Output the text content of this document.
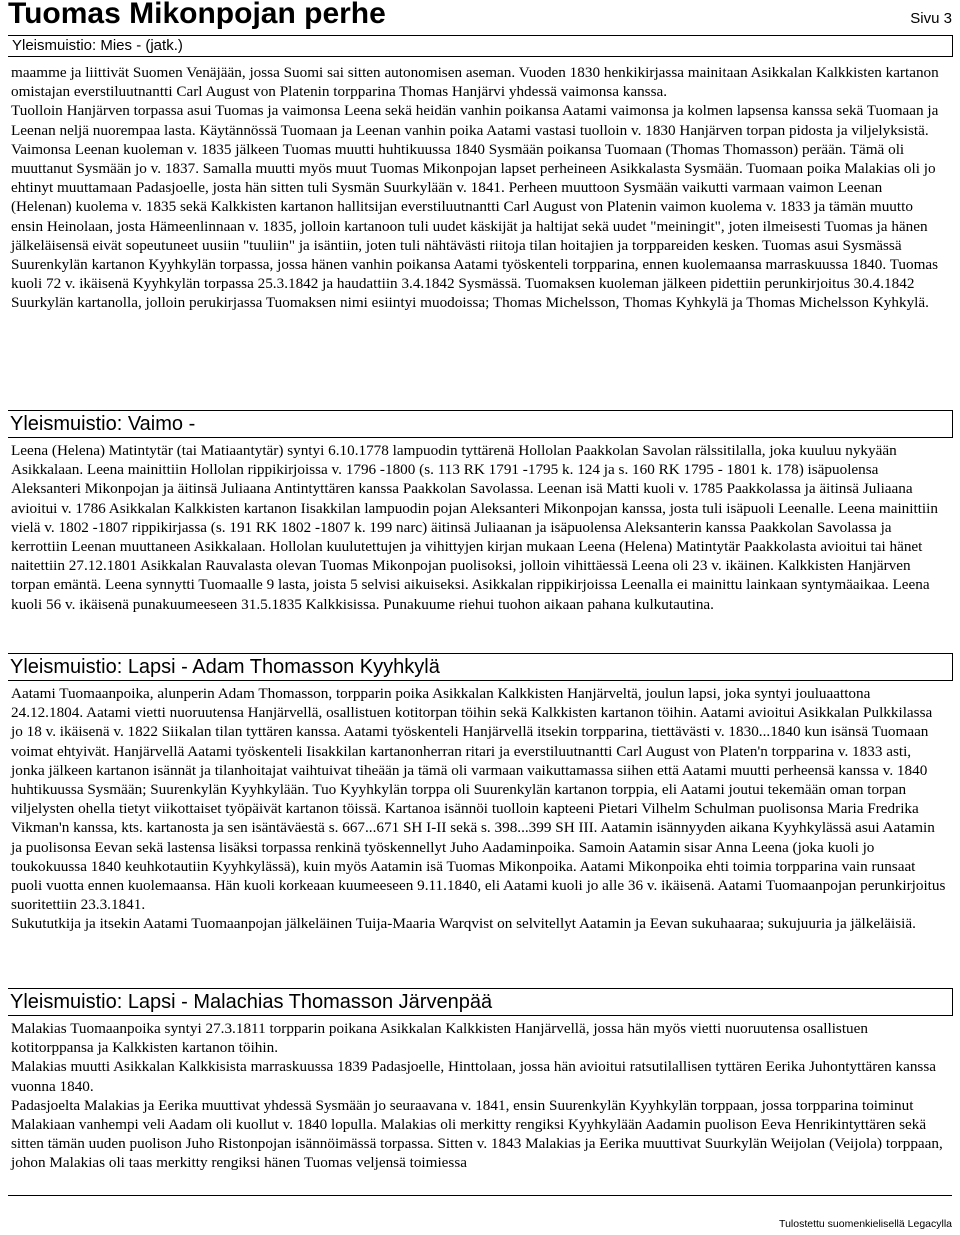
Tuomas Mikonpojan perhe	Sivu 3
Yleismuistio: Mies - (jatk.)

maamme ja liittivät Suomen Venäjään, jossa Suomi sai sitten autonomisen aseman. Vuoden 1830 henkikirjassa mainitaan Asikkalan Kalkkisten kartanon omistajan everstiluutnantti Carl August von Platenin torpparina Thomas Hanjärvi yhdessä vaimonsa kanssa.

Tuolloin Hanjärven torpassa asui Tuomas ja vaimonsa Leena sekä heidän vanhin poikansa Aatami vaimonsa ja kolmen lapsensa kanssa sekä Tuomaan ja Leenan neljä nuorempaa lasta. Käytännössä Tuomaan ja Leenan vanhin poika Aatami vastasi tuolloin v. 1830 Hanjärven torpan pidosta ja viljelyksistä.

Vaimonsa Leenan kuoleman v. 1835 jälkeen Tuomas muutti huhtikuussa 1840 Sysmään poikansa Tuomaan (Thomas Thomasson) perään. Tämä oli muuttanut Sysmään jo v. 1837. Samalla muutti myös muut Tuomas Mikonpojan lapset perheineen Asikkalasta Sysmään. Tuomaan poika Malakias oli jo ehtinyt muuttamaan Padasjoelle, josta hän sitten tuli Sysmän Suurkylään v. 1841. Perheen muuttoon Sysmään vaikutti varmaan vaimon Leenan (Helenan) kuolema v. 1835 sekä Kalkkisten kartanon hallitsijan everstiluutnantti Carl August von Platenin vaimon kuolema v. 1833 ja tämän muutto ensin Heinolaan, josta Hämeenlinnaan v. 1835, jolloin kartanoon tuli uudet käskijät ja haltijat sekä uudet "meiningit", joten ilmeisesti Tuomas ja hänen jälkeläisensä eivät sopeutuneet uusiin "tuuliin" ja isäntiin, joten tuli nähtävästi riitoja tilan hoitajien ja torppareiden kesken. Tuomas asui Sysmässä Suurenkylän kartanon Kyyhkylän torpassa, jossa hänen vanhin poikansa Aatami työskenteli torpparina, ennen kuolemaansa marraskuussa 1840. Tuomas kuoli 72 v. ikäisenä Kyyhkylän torpassa 25.3.1842 ja haudattiin 3.4.1842 Sysmässä. Tuomaksen kuoleman jälkeen pidettiin perunkirjoitus 30.4.1842 Suurkylän kartanolla, jolloin perukirjassa Tuomaksen nimi esiintyi muodoissa; Thomas Michelsson, Thomas Kyhkylä ja Thomas Michelsson Kyhkylä.

Yleismuistio: Vaimo -

Leena (Helena) Matintytär (tai Matiaantytär) syntyi 6.10.1778 lampuodin tyttärenä Hollolan Paakkolan Savolan rälssitilalla, joka kuuluu nykyään Asikkalaan. Leena mainittiin Hollolan rippikirjoissa v. 1796 -1800 (s. 113 RK 1791 -1795 k. 124 ja s. 160 RK 1795 - 1801 k. 178) isäpuolensa Aleksanteri Mikonpojan ja äitinsä Juliaana Antintyttären kanssa Paakkolan Savolassa. Leenan isä Matti kuoli v. 1785 Paakkolassa ja äitinsä Juliaana avioitui v. 1786 Asikkalan Kalkkisten kartanon Iisakkilan lampuodin pojan Aleksanteri Mikonpojan kanssa, josta tuli isäpuoli Leenalle. Leena mainittiin vielä v. 1802 -1807 rippikirjassa (s. 191 RK 1802 -1807 k. 199 narc) äitinsä Juliaanan ja isäpuolensa Aleksanterin kanssa Paakkolan Savolassa ja kerrottiin Leenan muuttaneen Asikkalaan. Hollolan kuulutettujen ja vihittyjen kirjan mukaan Leena (Helena) Matintytär Paakkolasta avioitui tai hänet naitettiin 27.12.1801 Asikkalan Rauvalasta olevan Tuomas Mikonpojan puolisoksi, jolloin vihittäessä Leena oli 23 v. ikäinen. Kalkkisten Hanjärven torpan emäntä. Leena synnytti Tuomaalle 9 lasta, joista 5 selvisi aikuiseksi. Asikkalan rippikirjoissa Leenalla ei mainittu lainkaan syntymäaikaa. Leena kuoli 56 v. ikäisenä punakuumeeseen 31.5.1835 Kalkkisissa. Punakuume riehui tuohon aikaan pahana kulkutautina.

Yleismuistio: Lapsi - Adam Thomasson Kyyhkylä

Aatami Tuomaanpoika, alunperin Adam Thomasson, torpparin poika Asikkalan Kalkkisten Hanjärveltä, joulun lapsi, joka syntyi jouluaattona 24.12.1804. Aatami vietti nuoruutensa Hanjärvellä, osallistuen kotitorpan töihin sekä Kalkkisten kartanon töihin. Aatami avioitui Asikkalan Pulkkilassa jo 18 v. ikäisenä v. 1822 Siikalan tilan tyttären kanssa. Aatami työskenteli Hanjärvellä itsekin torpparina, tiettävästi v. 1830...1840 kun isänsä Tuomaan voimat ehtyivät. Hanjärvellä Aatami työskenteli Iisakkilan kartanonherran ritari ja everstiluutnantti Carl August von Platen'n torpparina v. 1833 asti, jonka jälkeen kartanon isännät ja tilanhoitajat vaihtuivat tiheään ja tämä oli varmaan vaikuttamassa siihen että Aatami muutti perheensä kanssa v. 1840 huhtikuussa Sysmään; Suurenkylän Kyyhkylään. Tuo Kyyhkylän torppa oli Suurenkylän kartanon torppia, eli Aatami joutui tekemään oman torpan viljelysten ohella tietyt viikottaiset työpäivät kartanon töissä. Kartanoa isännöi tuolloin kapteeni Pietari Vilhelm Schulman puolisonsa Maria Fredrika Vikman'n kanssa, kts. kartanosta ja sen isäntäväestä s. 667...671 SH I-II sekä s. 398...399 SH III. Aatamin isännyyden aikana Kyyhkylässä asui Aatamin ja puolisonsa Eevan sekä lastensa lisäksi torpassa renkinä työskennellyt Juho Aadaminpoika. Samoin Aatamin sisar Anna Leena (joka kuoli jo toukokuussa 1840 keuhkotautiin Kyyhkylässä), kuin myös Aatamin isä Tuomas Mikonpoika. Aatami Mikonpoika ehti toimia torpparina vain runsaat puoli vuotta ennen kuolemaansa. Hän kuoli korkeaan kuumeeseen 9.11.1840, eli Aatami kuoli jo alle 36 v. ikäisenä. Aatami Tuomaanpojan perunkirjoitus suoritettiin 23.3.1841.

Sukututkija ja itsekin Aatami Tuomaanpojan jälkeläinen Tuija-Maaria Warqvist on selvitellyt Aatamin ja Eevan sukuhaaraa; sukujuuria ja jälkeläisiä.

Yleismuistio: Lapsi - Malachias Thomasson Järvenpää

Malakias Tuomaanpoika syntyi 27.3.1811 torpparin poikana Asikkalan Kalkkisten Hanjärvellä, jossa hän myös vietti nuoruutensa osallistuen kotitorppansa ja Kalkkisten kartanon töihin.

Malakias muutti Asikkalan Kalkkisista marraskuussa 1839 Padasjoelle, Hinttolaan, jossa hän avioitui ratsutilallisen tyttären Eerika Juhontyttären kanssa vuonna 1840.

Padasjoelta Malakias ja Eerika muuttivat yhdessä Sysmään jo seuraavana v. 1841, ensin Suurenkylän Kyyhkylän torppaan, jossa torpparina toiminut Malakiaan vanhempi veli Aadam oli kuollut v. 1840 lopulla. Malakias oli merkitty rengiksi Kyyhkylään Aadamin puolison Eeva Henrikintyttären sekä sitten tämän uuden puolison Juho Ristonpojan isännöimässä torpassa. Sitten v. 1843 Malakias ja Eerika muuttivat Suurkylän Weijolan (Veijola) torppaan, johon Malakias oli taas merkitty rengiksi hänen Tuomas veljensä toimiessa

Tulostettu suomenkielisellä Legacylla
